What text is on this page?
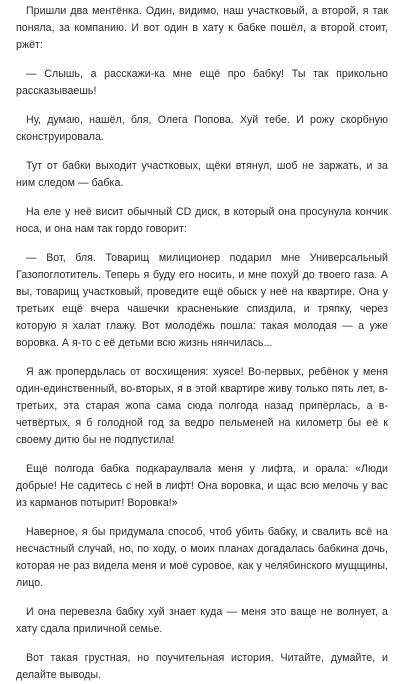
Пришли два ментёнка. Один, видимо, наш участковый, а второй, я так поняла, за компанию. И вот один в хату к бабке пошёл, а второй стоит, ржёт:

— Слышь, а расскажи-ка мне ещё про бабку! Ты так прикольно рассказываешь!

Ну, думаю, нашёл, бля, Олега Попова. Хуй тебе. И рожу скорбную сконструировала.

Тут от бабки выходит участковых, щёки втянул, шоб не заржать, и за ним следом — бабка.

На еле у неё висит обычный CD диск, в который она просунула кончик носа, и она нам так гордо говорит:

— Вот, бля. Товарищ милиционер подарил мне Универсальный Газопоглотитель. Теперь я буду его носить, и мне похуй до твоего газа. А вы, товарищ участковый, проведите ещё обыск у неё на квартире. Она у третьих ещё вчера чашечки красненькие спиздила, и тряпку, через которую я халат глажу. Вот молодёжь пошла: такая молодая — а уже воровка. А я-то с её детьми всю жизнь нянчилась...

Я аж пропердьлась от восхищения: хуясе! Во-первых, ребёнок у меня один-единственный, во-вторых, я в этой квартире живу только пять лет, в-третьих, эта старая жопа сама сюда полгода назад припёрлась, а в-четвёртых, я б голодной год за ведро пельменей на километр бы её к своему дитю бы не подпустила!

Ещё полгода бабка подкараулвала меня у лифта, и орала: «Люди добрые! Не садитесь с ней в лифт! Она воровка, и щас всю мелочь у вас из карманов потырит! Воровка!»

Наверное, я бы придумала способ, чтоб убить бабку, и свалить всё на несчастный случай, но, по ходу, о моих планах догадалась бабкина дочь, которая не раз видела меня и моё суровое, как у челябинского мущщины, лицо.

И она перевезла бабку хуй знает куда — меня это ваще не волнует, а хату сдала приличной семье.

Вот такая грустная, но поучительная история. Читайте, думайте, и делайте выводы.
